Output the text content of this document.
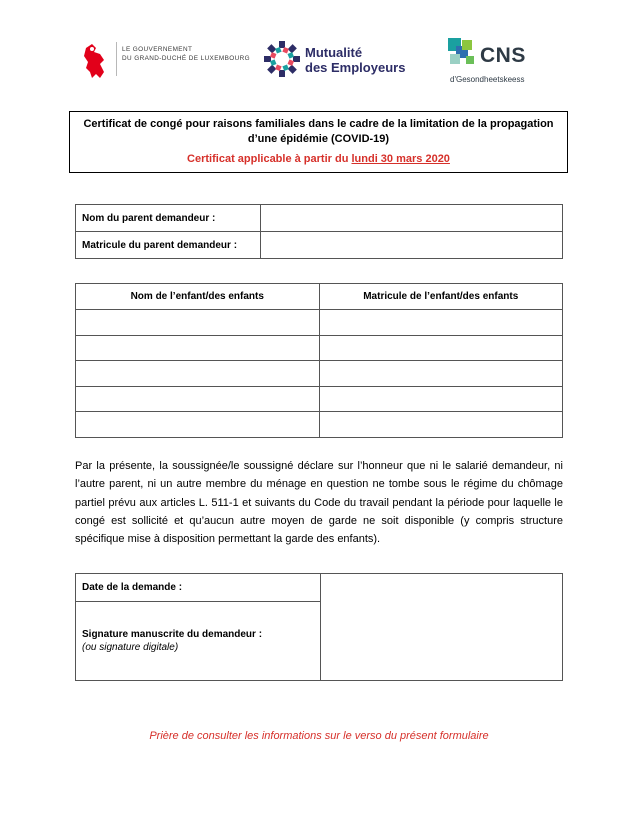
LE GOUVERNEMENT
DU GRAND-DUCHÉ DE LUXEMBOURG	Mutualité
des Employeurs
CNS
d'Gesondheetskeess
Certificat de congé pour raisons familiales dans le cadre de la limitation de la propagation d’une épidémie (COVID-19)
Certificat applicable à partir du lundi 30 mars 2020
Nom du parent demandeur :	
Matricule du parent demandeur :	
Nom de l’enfant/des enfants	Matricule de l’enfant/des enfants

Par la présente, la soussignée/le soussigné déclare sur l’honneur que ni le salarié demandeur, ni l’autre parent, ni un autre membre du ménage en question ne tombe sous le régime du chômage partiel prévu aux articles L. 511-1 et suivants du Code du travail pendant la période pour laquelle le congé est sollicité et qu’aucun autre moyen de garde ne soit disponible (y compris structure spécifique mise à disposition permettant la garde des enfants).
Date de la demande :	
Signature manuscrite du demandeur :
(ou signature digitale)
Prière de consulter les informations sur le verso du présent formulaire
